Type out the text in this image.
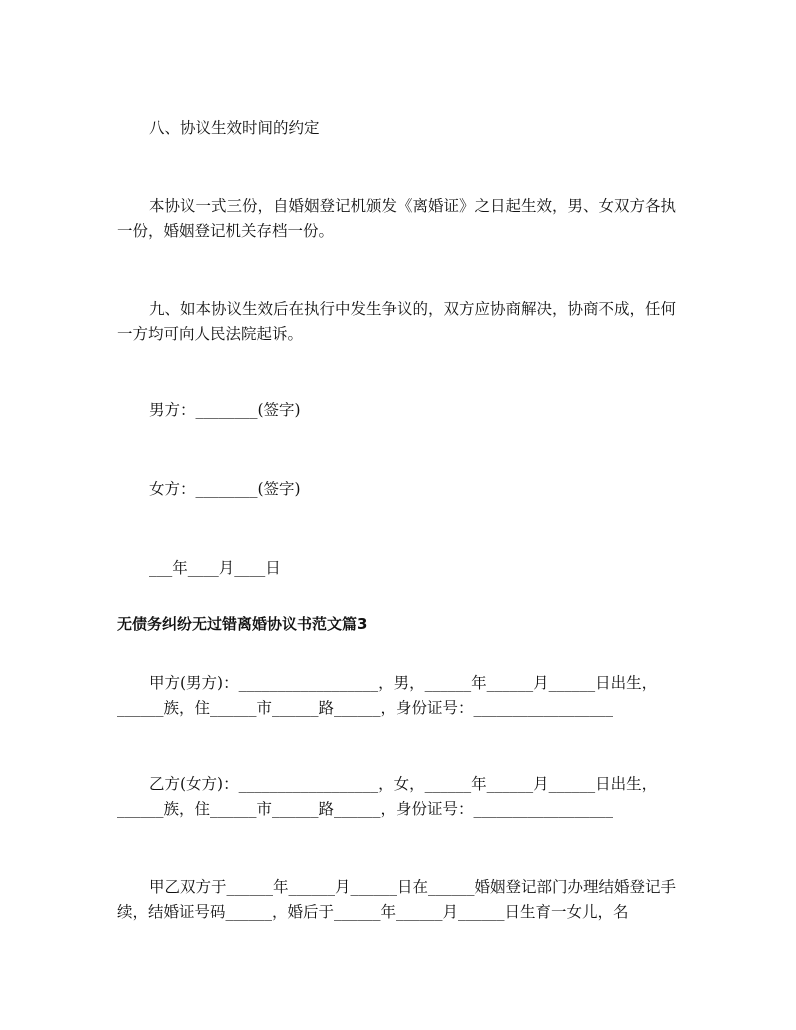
八、协议生效时间的约定
本协议一式三份，自婚姻登记机颁发《离婚证》之日起生效，男、女双方各执
一份，婚姻登记机关存档一份。
九、如本协议生效后在执行中发生争议的，双方应协商解决，协商不成，任何
一方均可向人民法院起诉。
男方：________(签字)
女方：________(签字)
___年____月____日
无债务纠纷无过错离婚协议书范文篇3
甲方(男方)：__________________，男，______年______月______日出生，
______族，住______市______路______，身份证号：__________________
乙方(女方)：__________________，女，______年______月______日出生，
______族，住______市______路______，身份证号：__________________
甲乙双方于______年______月______日在______婚姻登记部门办理结婚登记手
续，结婚证号码______，婚后于______年______月______日生育一女儿，名
